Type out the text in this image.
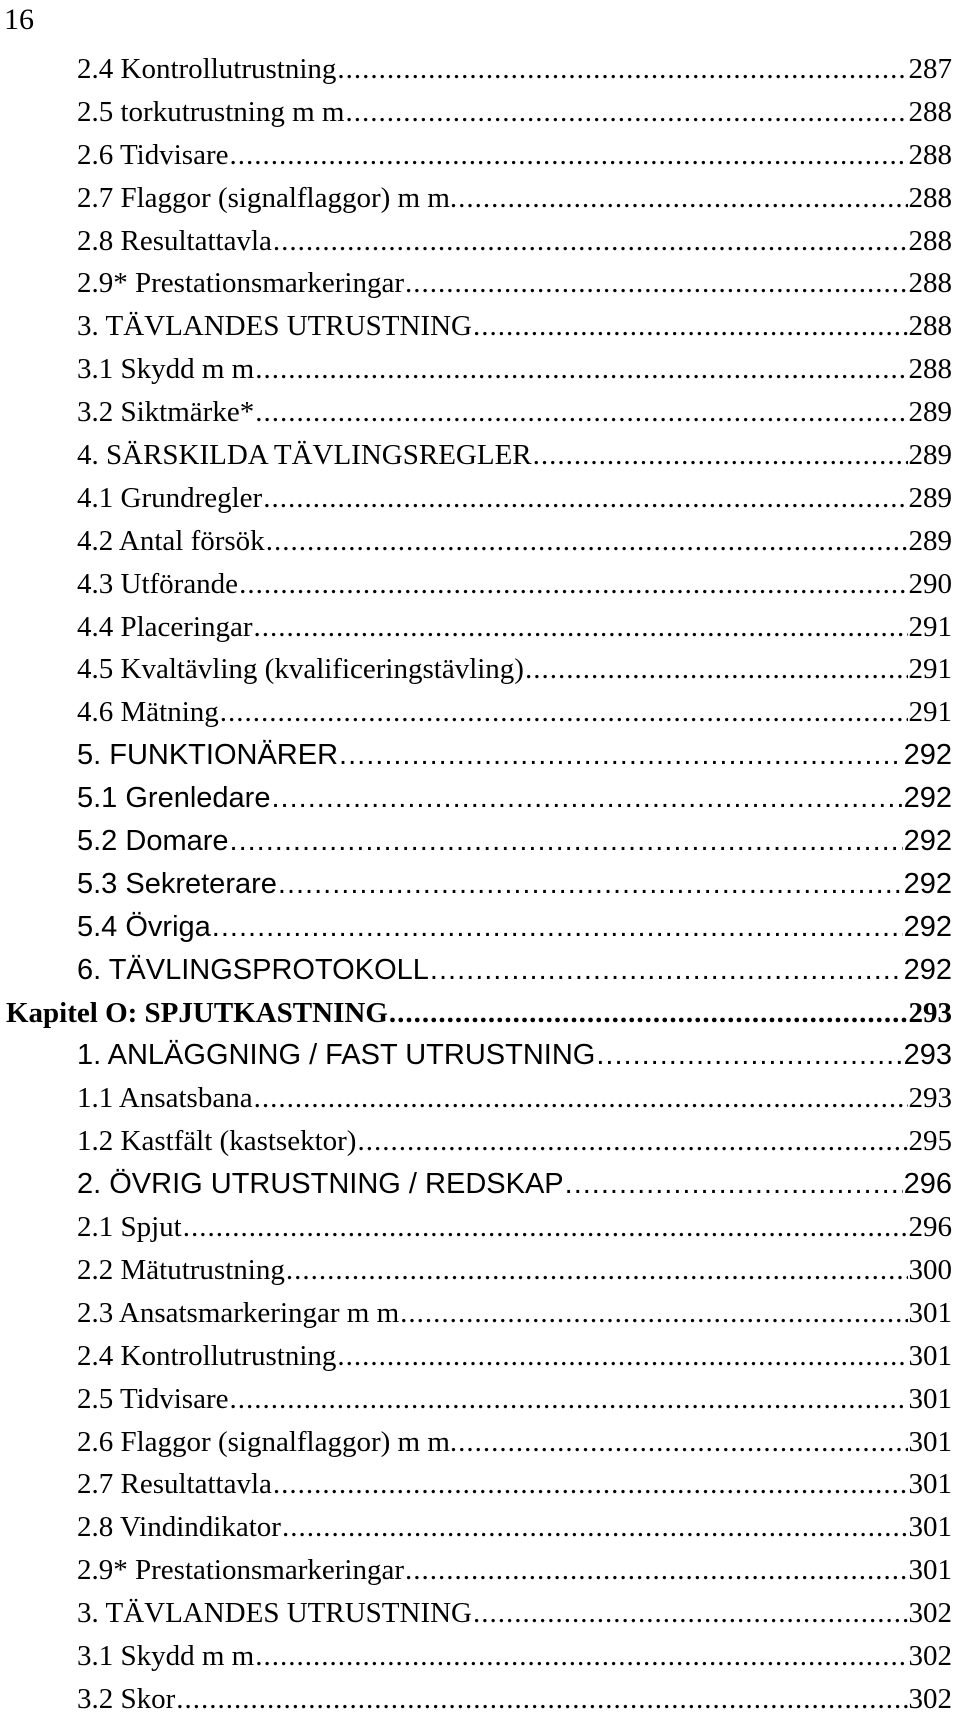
16
2.4 Kontrollutrustning .....	287
2.5 torkutrustning m m .....	288
2.6 Tidvisare .....	288
2.7 Flaggor (signalflaggor) m m. .....	288
2.8 Resultattavla .....	288
2.9* Prestationsmarkeringar .....	288
3. TÄVLANDES UTRUSTNING .....	288
3.1 Skydd m m .....	288
3.2 Siktmärke* .....	289
4. SÄRSKILDA TÄVLINGSREGLER .....	289
4.1 Grundregler .....	289
4.2 Antal försök .....	289
4.3 Utförande .....	290
4.4 Placeringar .....	291
4.5 Kvaltävling (kvalificeringstävling) .....	291
4.6 Mätning .....	291
5. FUNKTIONÄRER .....	292
5.1 Grenledare .....	292
5.2 Domare .....	292
5.3 Sekreterare .....	292
5.4 Övriga .....	292
6. TÄVLINGSPROTOKOLL .....	292
Kapitel O: SPJUTKASTNING .....	293
1. ANLÄGGNING / FAST UTRUSTNING .....	293
1.1 Ansatsbana .....	293
1.2 Kastfält (kastsektor) .....	295
2. ÖVRIG UTRUSTNING / REDSKAP .....	296
2.1 Spjut .....	296
2.2 Mätutrustning .....	300
2.3 Ansatsmarkeringar m m .....	301
2.4 Kontrollutrustning .....	301
2.5 Tidvisare .....	301
2.6 Flaggor (signalflaggor) m m. .....	301
2.7 Resultattavla .....	301
2.8 Vindindikator .....	301
2.9* Prestationsmarkeringar .....	301
3. TÄVLANDES UTRUSTNING .....	302
3.1 Skydd m m .....	302
3.2 Skor .....	302
